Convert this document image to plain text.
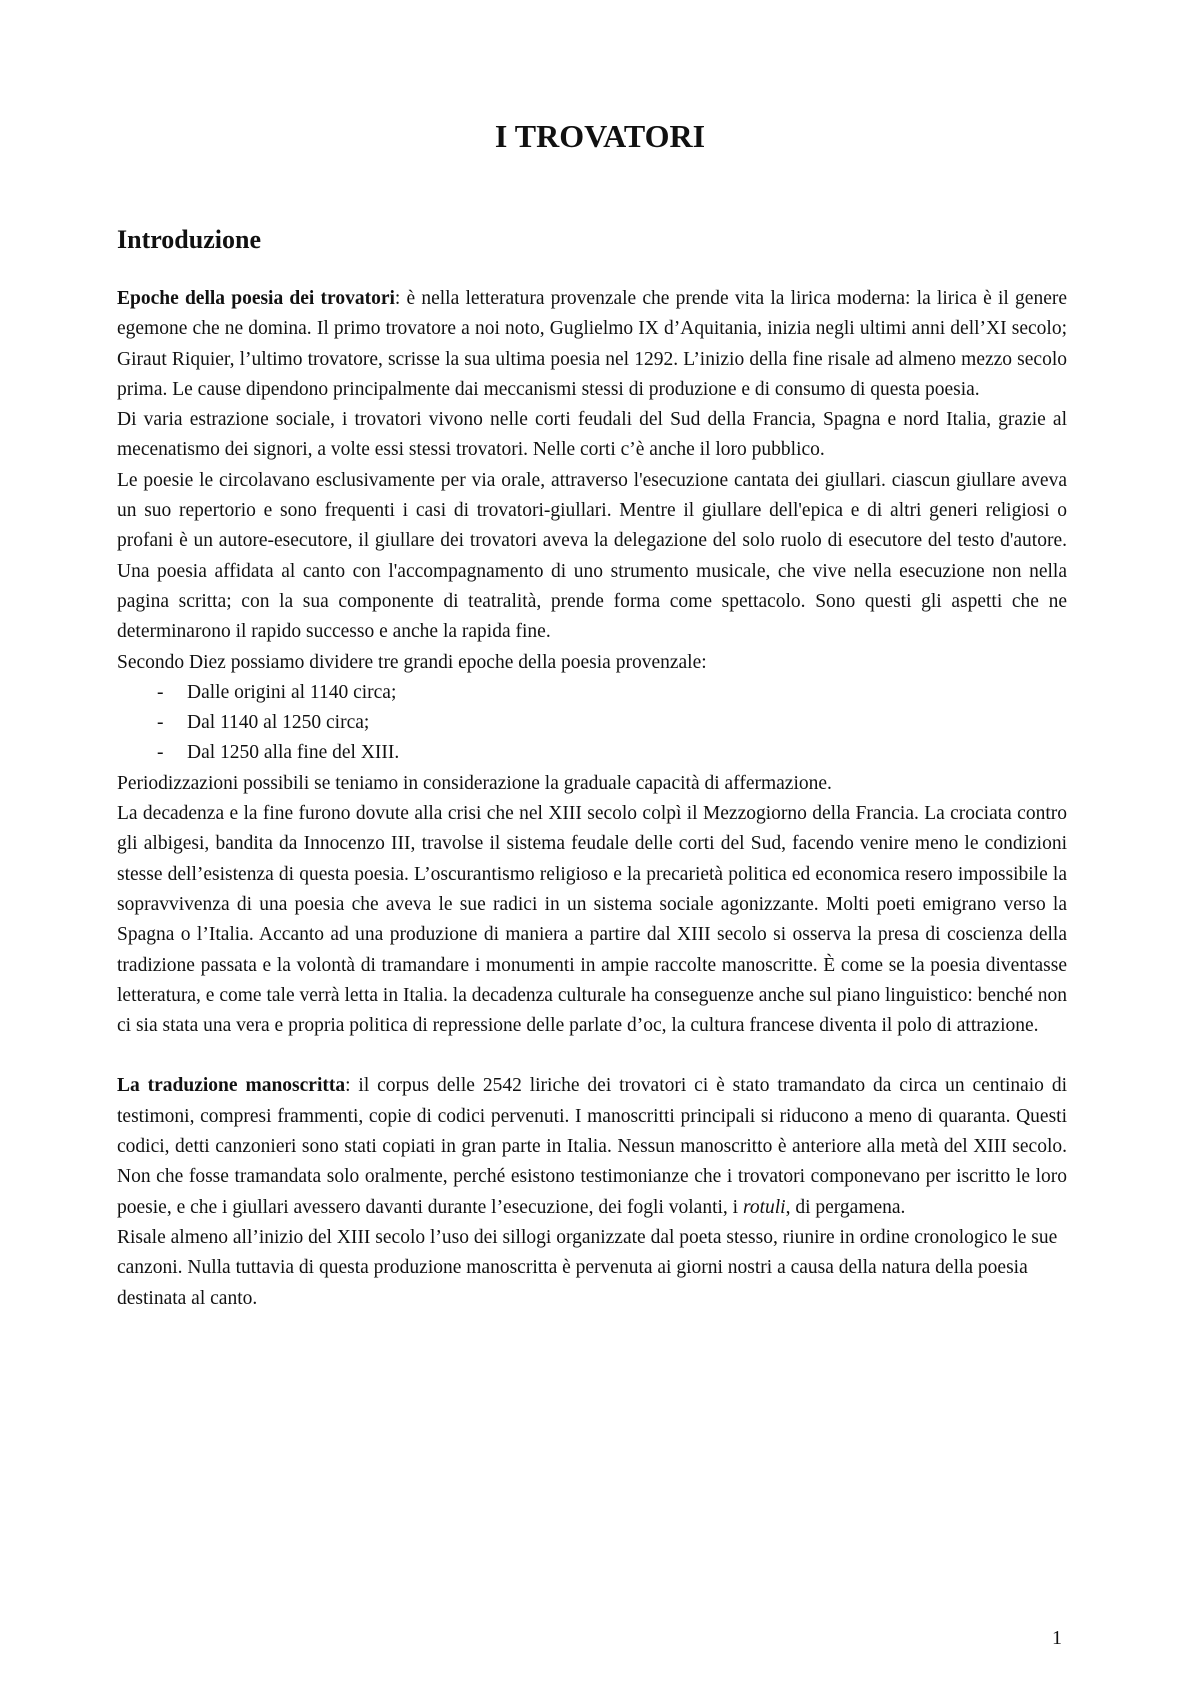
I TROVATORI
Introduzione

Epoche della poesia dei trovatori: è nella letteratura provenzale che prende vita la lirica moderna: la lirica è il genere egemone che ne domina. Il primo trovatore a noi noto, Guglielmo IX d’Aquitania, inizia negli ultimi anni dell’XI secolo; Giraut Riquier, l’ultimo trovatore, scrisse la sua ultima poesia nel 1292. L’inizio della fine risale ad almeno mezzo secolo prima. Le cause dipendono principalmente dai meccanismi stessi di produzione e di consumo di questa poesia.

Di varia estrazione sociale, i trovatori vivono nelle corti feudali del Sud della Francia, Spagna e nord Italia, grazie al mecenatismo dei signori, a volte essi stessi trovatori. Nelle corti c’è anche il loro pubblico.

Le poesie le circolavano esclusivamente per via orale, attraverso l'esecuzione cantata dei giullari. ciascun giullare aveva un suo repertorio e sono frequenti i casi di trovatori-giullari. Mentre il giullare dell'epica e di altri generi religiosi o profani è un autore-esecutore, il giullare dei trovatori aveva la delegazione del solo ruolo di esecutore del testo d'autore. Una poesia affidata al canto con l'accompagnamento di uno strumento musicale, che vive nella esecuzione non nella pagina scritta; con la sua componente di teatralità, prende forma come spettacolo. Sono questi gli aspetti che ne determinarono il rapido successo e anche la rapida fine.

Secondo Diez possiamo dividere tre grandi epoche della poesia provenzale:

- Dalle origini al 1140 circa;
- Dal 1140 al 1250 circa;
- Dal 1250 alla fine del XIII.

Periodizzazioni possibili se teniamo in considerazione la graduale capacità di affermazione.

La decadenza e la fine furono dovute alla crisi che nel XIII secolo colpì il Mezzogiorno della Francia. La crociata contro gli albigesi, bandita da Innocenzo III, travolse il sistema feudale delle corti del Sud, facendo venire meno le condizioni stesse dell’esistenza di questa poesia. L’oscurantismo religioso e la precarietà politica ed economica resero impossibile la sopravvivenza di una poesia che aveva le sue radici in un sistema sociale agonizzante. Molti poeti emigrano verso la Spagna o l’Italia. Accanto ad una produzione di maniera a partire dal XIII secolo si osserva la presa di coscienza della tradizione passata e la volontà di tramandare i monumenti in ampie raccolte manoscritte. È come se la poesia diventasse letteratura, e come tale verrà letta in Italia. la decadenza culturale ha conseguenze anche sul piano linguistico: benché non ci sia stata una vera e propria politica di repressione delle parlate d’oc, la cultura francese diventa il polo di attrazione.

La traduzione manoscritta: il corpus delle 2542 liriche dei trovatori ci è stato tramandato da circa un centinaio di testimoni, compresi frammenti, copie di codici pervenuti. I manoscritti principali si riducono a meno di quaranta. Questi codici, detti canzonieri sono stati copiati in gran parte in Italia. Nessun manoscritto è anteriore alla metà del XIII secolo. Non che fosse tramandata solo oralmente, perché esistono testimonianze che i trovatori componevano per iscritto le loro poesie, e che i giullari avessero davanti durante l’esecuzione, dei fogli volanti, i rotuli, di pergamena.

Risale almeno all’inizio del XIII secolo l’uso dei sillogi organizzate dal poeta stesso, riunire in ordine cronologico le sue canzoni. Nulla tuttavia di questa produzione manoscritta è pervenuta ai giorni nostri a causa della natura della poesia destinata al canto.

1
